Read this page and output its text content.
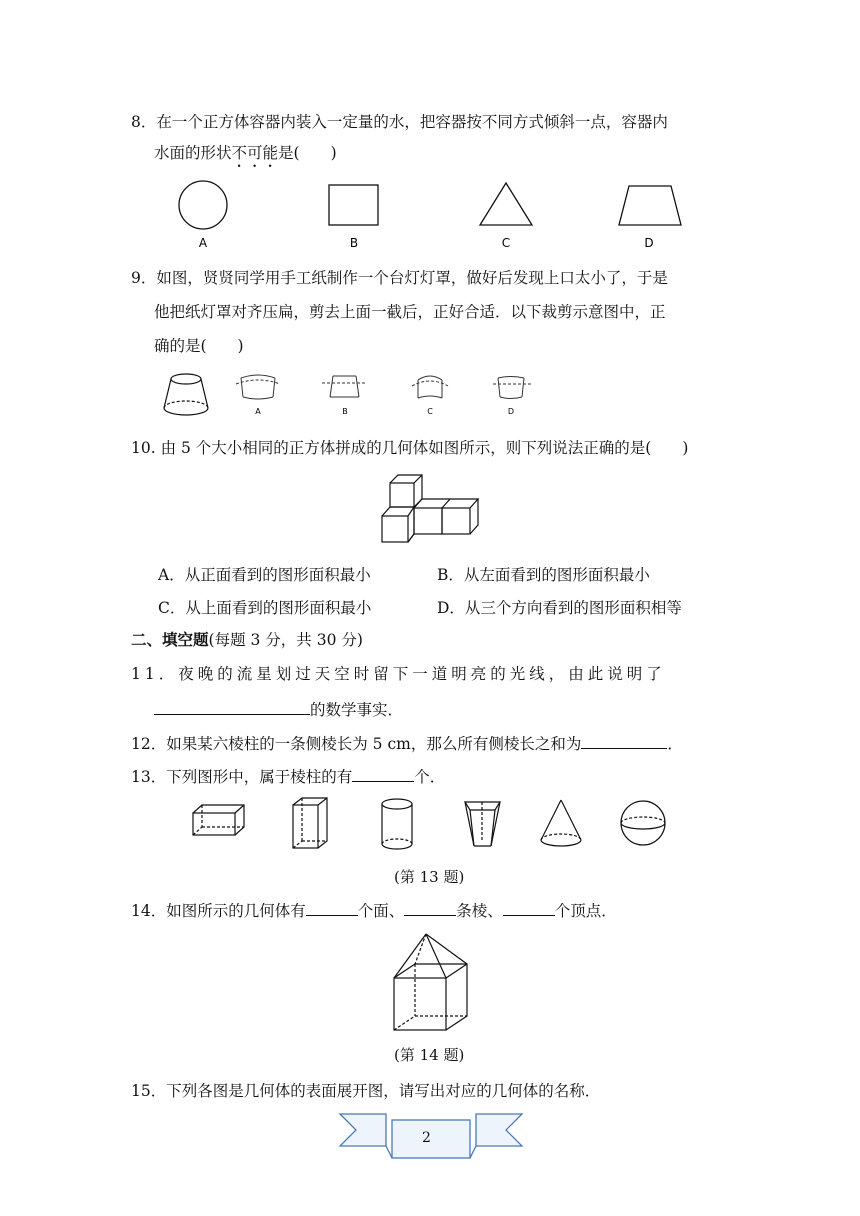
8．在一个正方体容器内装入一定量的水，把容器按不同方式倾斜一点，容器内
水面的形状不可能是(　　)
A	B	C	D
9．如图，贤贤同学用手工纸制作一个台灯灯罩，做好后发现上口太小了，于是
他把纸灯罩对齐压扁，剪去上面一截后，正好合适．以下裁剪示意图中，正
确的是(　　)
A	B	C	D
10. 由 5 个大小相同的正方体拼成的几何体如图所示，则下列说法正确的是(　　)
A．从正面看到的图形面积最小	B．从左面看到的图形面积最小
C．从上面看到的图形面积最小	D．从三个方向看到的图形面积相等
二、填空题(每题 3 分，共 30 分)
11．夜晚的流星划过天空时留下一道明亮的光线，由此说明了
的数学事实．
12．如果某六棱柱的一条侧棱长为 5 cm，那么所有侧棱长之和为	．
13．下列图形中，属于棱柱的有	个．
(第 13 题)
14．如图所示的几何体有	个面、	条棱、	个顶点．
(第 14 题)
15．下列各图是几何体的表面展开图，请写出对应的几何体的名称．
2
